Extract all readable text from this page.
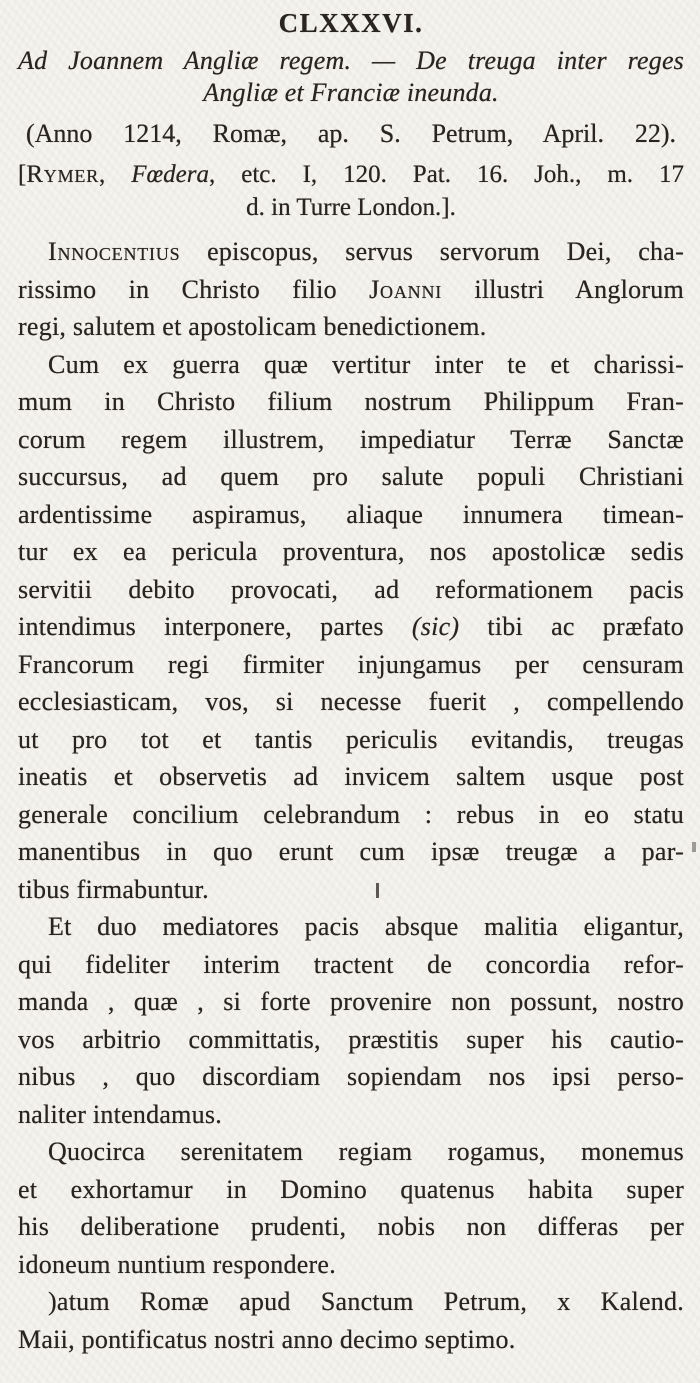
CLXXXVI.
Ad Joannem Angliæ regem. — De treuga inter reges
Angliæ et Franciæ ineunda.
(Anno 1214, Romæ, ap. S. Petrum, April. 22).
[Rymer, Fœdera, etc. I, 120. Pat. 16. Joh., m. 17
d. in Turre London.].
Innocentius episcopus, servus servorum Dei, cha-
rissimo in Christo filio Joanni illustri Anglorum
regi, salutem et apostolicam benedictionem.
Cum ex guerra quæ vertitur inter te et charissi-
mum in Christo filium nostrum Philippum Fran-
corum regem illustrem, impediatur Terræ Sanctæ
succursus, ad quem pro salute populi Christiani
ardentissime aspiramus, aliaque innumera timean-
tur ex ea pericula proventura, nos apostolicæ sedis
servitii debito provocati, ad reformationem pacis
intendimus interponere, partes (sic) tibi ac præfato
Francorum regi firmiter injungamus per censuram
ecclesiasticam, vos, si necesse fuerit , compellendo
ut pro tot et tantis periculis evitandis, treugas
ineatis et observetis ad invicem saltem usque post
generale concilium celebrandum : rebus in eo statu
manentibus in quo erunt cum ipsæ treugæ a par-
tibus firmabuntur.
Et duo mediatores pacis absque malitia eligantur,
qui fideliter interim tractent de concordia refor-
manda , quæ , si forte provenire non possunt, nostro
vos arbitrio committatis, præstitis super his cautio-
nibus , quo discordiam sopiendam nos ipsi perso-
naliter intendamus.
Quocirca serenitatem regiam rogamus, monemus
et exhortamur in Domino quatenus habita super
his deliberatione prudenti, nobis non differas per
idoneum nuntium respondere.
)atum Romæ apud Sanctum Petrum, x Kalend.
Maii, pontificatus nostri anno decimo septimo.
